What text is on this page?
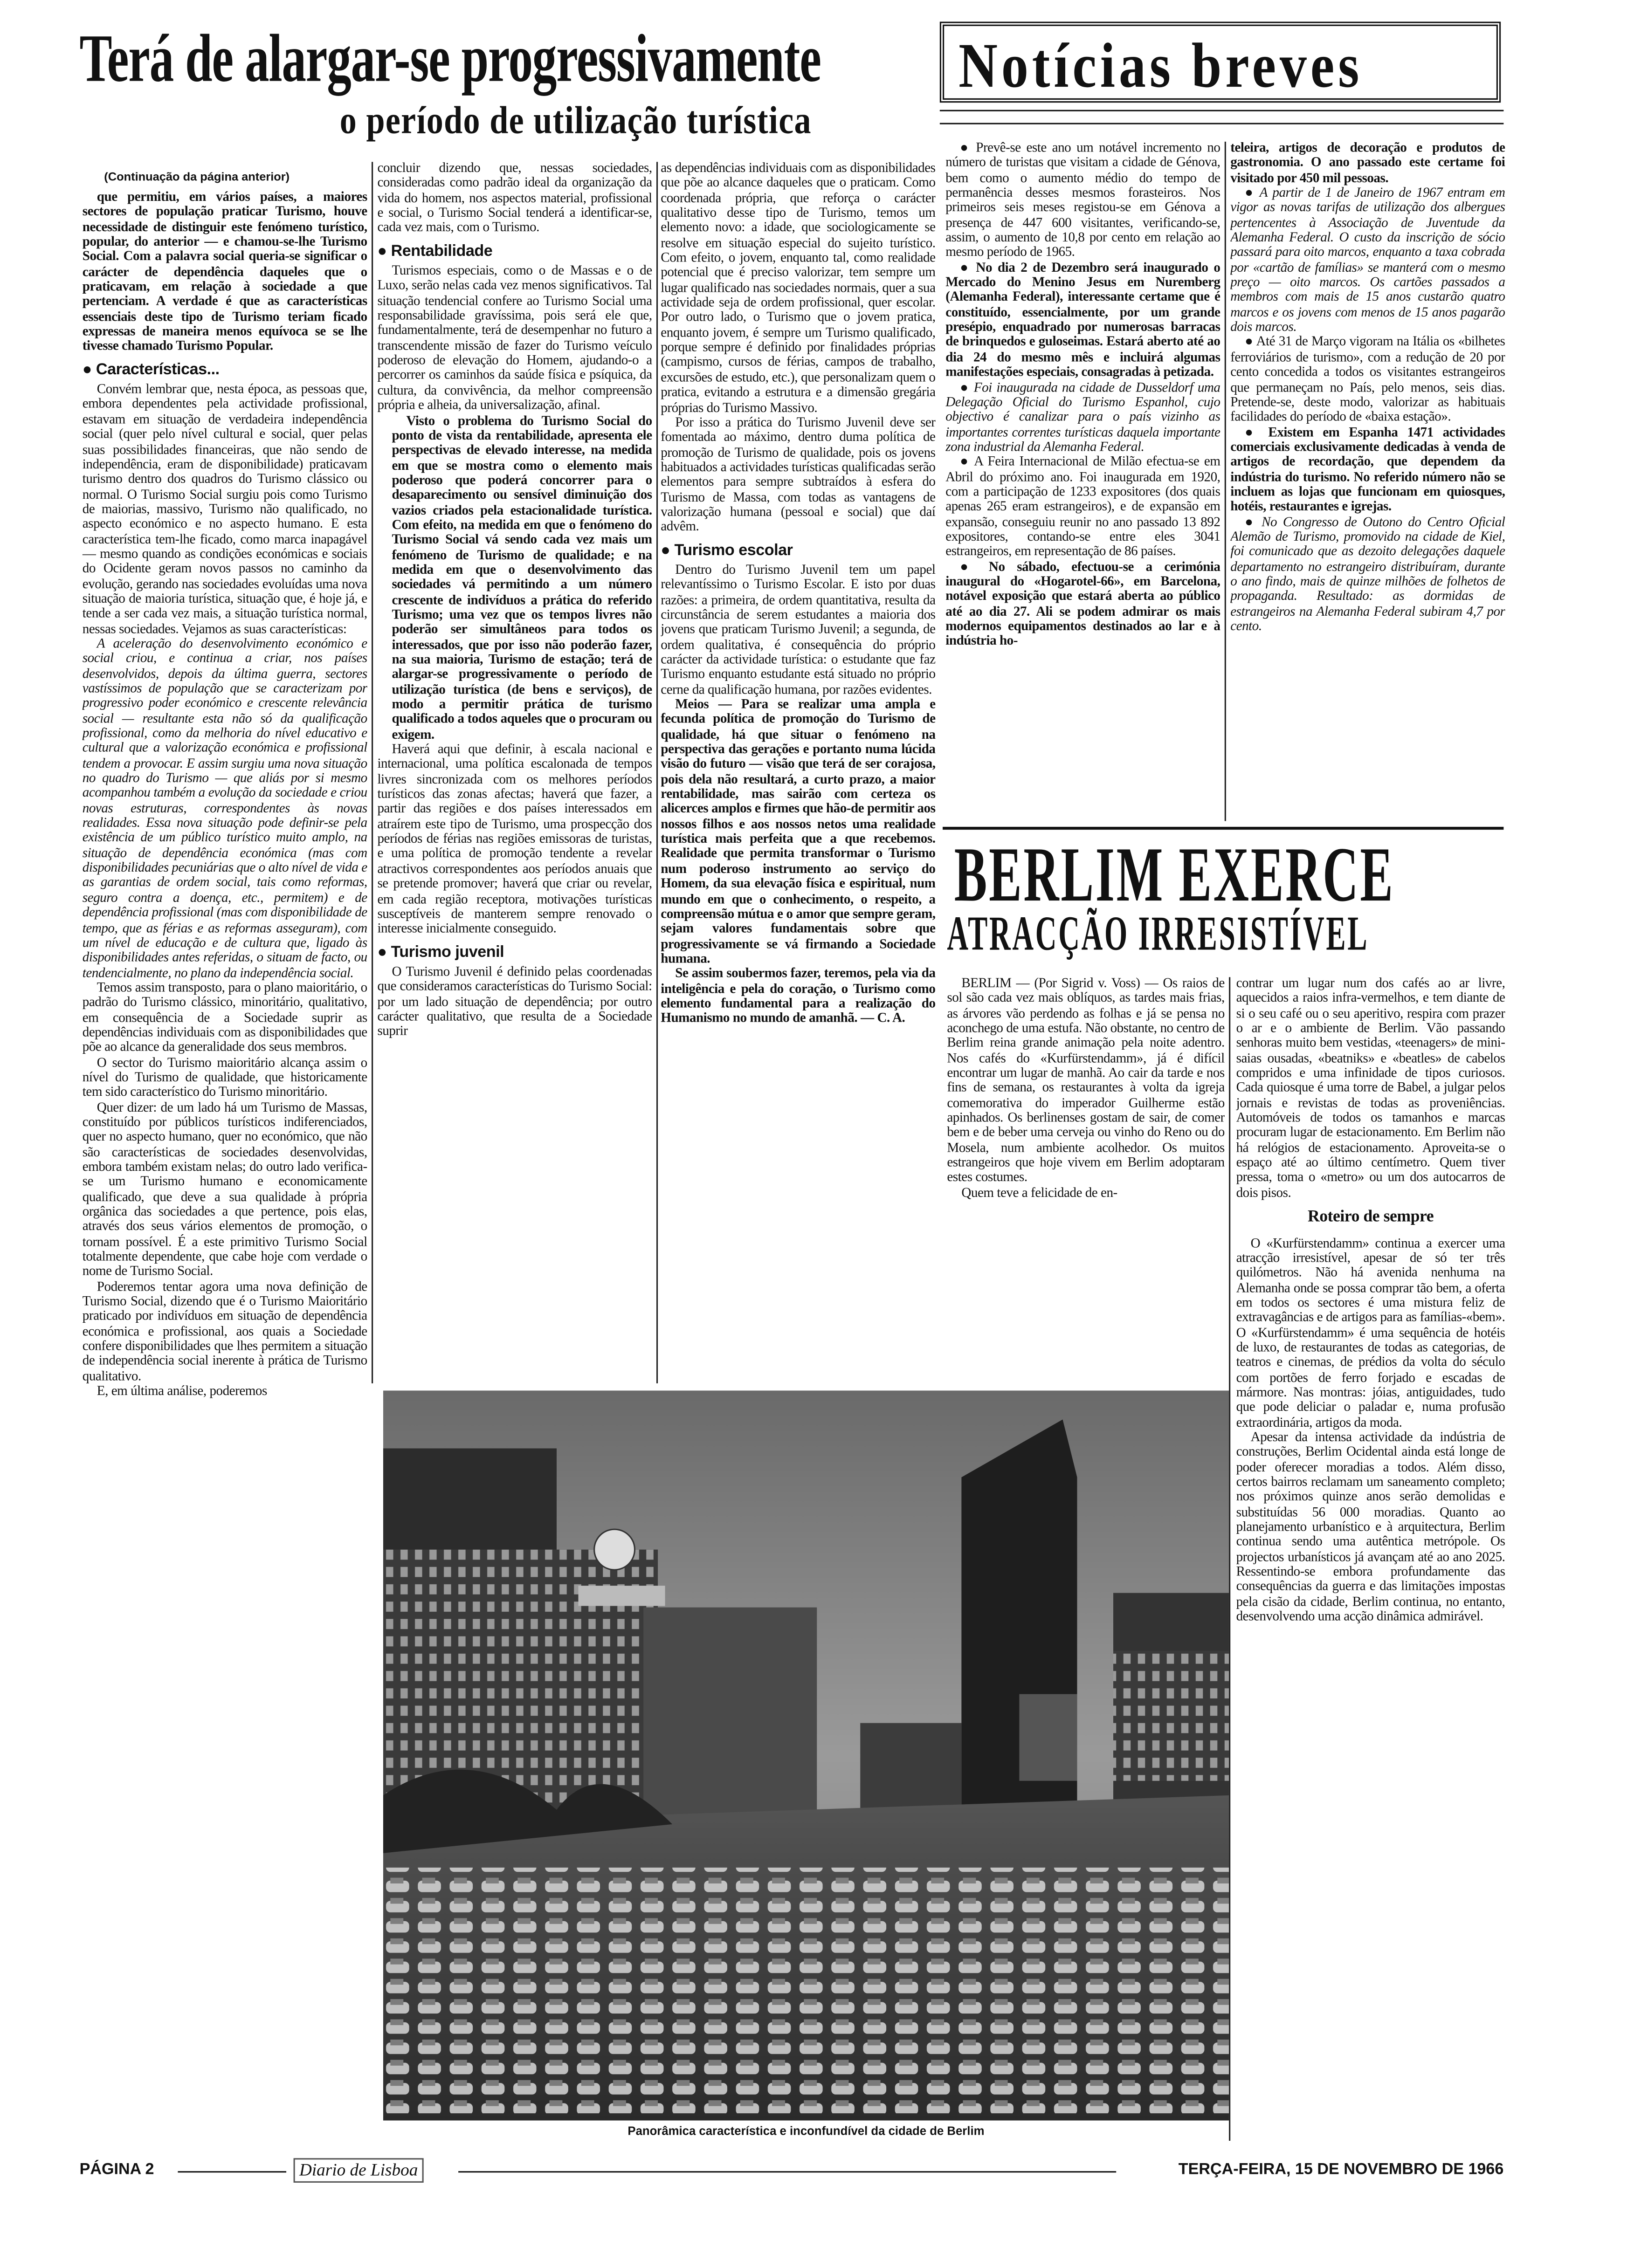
Terá de alargar-se progressivamente
o período de utilização turística
(Continuação da página anterior)

que permitiu, em vários países, a maiores sectores de população praticar Turismo, houve necessidade de distinguir este fenómeno turístico, popular, do anterior — e chamou-se-lhe Turismo Social. Com a palavra social queria-se significar o carácter de dependência daqueles que o praticavam, em relação à sociedade a que pertenciam. A verdade é que as características essenciais deste tipo de Turismo teriam ficado expressas de maneira menos equívoca se se lhe tivesse chamado Turismo Popular.

● Características...

Convém lembrar que, nesta época, as pessoas que, embora dependentes pela actividade profissional, estavam em situação de verdadeira independência social (quer pelo nível cultural e social, quer pelas suas possibilidades financeiras, que não sendo de independência, eram de disponibilidade) praticavam turismo dentro dos quadros do Turismo clássico ou normal. O Turismo Social surgiu pois como Turismo de maiorias, massivo, Turismo não qualificado, no aspecto económico e no aspecto humano. E esta característica tem-lhe ficado, como marca inapagável — mesmo quando as condições económicas e sociais do Ocidente geram novos passos no caminho da evolução, gerando nas sociedades evoluídas uma nova situação de maioria turística, situação que, é hoje já, e tende a ser cada vez mais, a situação turística normal, nessas sociedades. Vejamos as suas características:

A aceleração do desenvolvimento económico e social criou, e continua a criar, nos países desenvolvidos, depois da última guerra, sectores vastíssimos de população que se caracterizam por progressivo poder económico e crescente relevância social — resultante esta não só da qualificação profissional, como da melhoria do nível educativo e cultural que a valorização económica e profissional tendem a provocar. E assim surgiu uma nova situação no quadro do Turismo — que aliás por si mesmo acompanhou também a evolução da sociedade e criou novas estruturas, correspondentes às novas realidades. Essa nova situação pode definir-se pela existência de um público turístico muito amplo, na situação de dependência económica (mas com disponibilidades pecuniárias que o alto nível de vida e as garantias de ordem social, tais como reformas, seguro contra a doença, etc., permitem) e de dependência profissional (mas com disponibilidade de tempo, que as férias e as reformas asseguram), com um nível de educação e de cultura que, ligado às disponibilidades antes referidas, o situam de facto, ou tendencialmente, no plano da independência social.

Temos assim transposto, para o plano maioritário, o padrão do Turismo clássico, minoritário, qualitativo, em consequência de a Sociedade suprir as dependências individuais com as disponibilidades que põe ao alcance da generalidade dos seus membros.

O sector do Turismo maioritário alcança assim o nível do Turismo de qualidade, que historicamente tem sido característico do Turismo minoritário.

Quer dizer: de um lado há um Turismo de Massas, constituído por públicos turísticos indiferenciados, quer no aspecto humano, quer no económico, que não são características de sociedades desenvolvidas, embora também existam nelas; do outro lado verifica-se um Turismo humano e economicamente qualificado, que deve a sua qualidade à própria orgânica das sociedades a que pertence, pois elas, através dos seus vários elementos de promoção, o tornam possível. É a este primitivo Turismo Social totalmente dependente, que cabe hoje com verdade o nome de Turismo Social.

Poderemos tentar agora uma nova definição de Turismo Social, dizendo que é o Turismo Maioritário praticado por indivíduos em situação de dependência económica e profissional, aos quais a Sociedade confere disponibilidades que lhes permitem a situação de independência social inerente à prática de Turismo qualitativo.

E, em última análise, poderemos

concluir dizendo que, nessas sociedades, consideradas como padrão ideal da organização da vida do homem, nos aspectos material, profissional e social, o Turismo Social tenderá a identificar-se, cada vez mais, com o Turismo.

● Rentabilidade

Turismos especiais, como o de Massas e o de Luxo, serão nelas cada vez menos significativos. Tal situação tendencial confere ao Turismo Social uma responsabilidade gravíssima, pois será ele que, fundamentalmente, terá de desempenhar no futuro a transcendente missão de fazer do Turismo veículo poderoso de elevação do Homem, ajudando-o a percorrer os caminhos da saúde física e psíquica, da cultura, da convivência, da melhor compreensão própria e alheia, da universalização, afinal.

Visto o problema do Turismo Social do ponto de vista da rentabilidade, apresenta ele perspectivas de elevado interesse, na medida em que se mostra como o elemento mais poderoso que poderá concorrer para o desaparecimento ou sensível diminuição dos vazios criados pela estacionalidade turística. Com efeito, na medida em que o fenómeno do Turismo Social vá sendo cada vez mais um fenómeno de Turismo de qualidade; e na medida em que o desenvolvimento das sociedades vá permitindo a um número crescente de indivíduos a prática do referido Turismo; uma vez que os tempos livres não poderão ser simultâneos para todos os interessados, que por isso não poderão fazer, na sua maioria, Turismo de estação; terá de alargar-se progressivamente o período de utilização turística (de bens e serviços), de modo a permitir prática de turismo qualificado a todos aqueles que o procuram ou exigem.

Haverá aqui que definir, à escala nacional e internacional, uma política escalonada de tempos livres sincronizada com os melhores períodos turísticos das zonas afectas; haverá que fazer, a partir das regiões e dos países interessados em atraírem este tipo de Turismo, uma prospecção dos períodos de férias nas regiões emissoras de turistas, e uma política de promoção tendente a revelar atractivos correspondentes aos períodos anuais que se pretende promover; haverá que criar ou revelar, em cada região receptora, motivações turísticas susceptíveis de manterem sempre renovado o interesse inicialmente conseguido.

● Turismo juvenil

O Turismo Juvenil é definido pelas coordenadas que consideramos características do Turismo Social: por um lado situação de dependência; por outro carácter qualitativo, que resulta de a Sociedade suprir

as dependências individuais com as disponibilidades que põe ao alcance daqueles que o praticam. Como coordenada própria, que reforça o carácter qualitativo desse tipo de Turismo, temos um elemento novo: a idade, que sociologicamente se resolve em situação especial do sujeito turístico. Com efeito, o jovem, enquanto tal, como realidade potencial que é preciso valorizar, tem sempre um lugar qualificado nas sociedades normais, quer a sua actividade seja de ordem profissional, quer escolar. Por outro lado, o Turismo que o jovem pratica, enquanto jovem, é sempre um Turismo qualificado, porque sempre é definido por finalidades próprias (campismo, cursos de férias, campos de trabalho, excursões de estudo, etc.), que personalizam quem o pratica, evitando a estrutura e a dimensão gregária próprias do Turismo Massivo.

Por isso a prática do Turismo Juvenil deve ser fomentada ao máximo, dentro duma política de promoção de Turismo de qualidade, pois os jovens habituados a actividades turísticas qualificadas serão elementos para sempre subtraídos à esfera do Turismo de Massa, com todas as vantagens de valorização humana (pessoal e social) que daí advêm.

● Turismo escolar

Dentro do Turismo Juvenil tem um papel relevantíssimo o Turismo Escolar. E isto por duas razões: a primeira, de ordem quantitativa, resulta da circunstância de serem estudantes a maioria dos jovens que praticam Turismo Juvenil; a segunda, de ordem qualitativa, é consequência do próprio carácter da actividade turística: o estudante que faz Turismo enquanto estudante está situado no próprio cerne da qualificação humana, por razões evidentes.

Meios — Para se realizar uma ampla e fecunda política de promoção do Turismo de qualidade, há que situar o fenómeno na perspectiva das gerações e portanto numa lúcida visão do futuro — visão que terá de ser corajosa, pois dela não resultará, a curto prazo, a maior rentabilidade, mas sairão com certeza os alicerces amplos e firmes que hão-de permitir aos nossos filhos e aos nossos netos uma realidade turística mais perfeita que a que recebemos. Realidade que permita transformar o Turismo num poderoso instrumento ao serviço do Homem, da sua elevação física e espiritual, num mundo em que o conhecimento, o respeito, a compreensão mútua e o amor que sempre geram, sejam valores fundamentais sobre que progressivamente se vá firmando a Sociedade humana.

Se assim soubermos fazer, teremos, pela via da inteligência e pela do coração, o Turismo como elemento fundamental para a realização do Humanismo no mundo de amanhã. — C. A.

Notícias breves

● Prevê-se este ano um notável incremento no número de turistas que visitam a cidade de Génova, bem como o aumento médio do tempo de permanência desses mesmos forasteiros. Nos primeiros seis meses registou-se em Génova a presença de 447 600 visitantes, verificando-se, assim, o aumento de 10,8 por cento em relação ao mesmo período de 1965.

● No dia 2 de Dezembro será inaugurado o Mercado do Menino Jesus em Nuremberg (Alemanha Federal), interessante certame que é constituído, essencialmente, por um grande presépio, enquadrado por numerosas barracas de brinquedos e guloseimas. Estará aberto até ao dia 24 do mesmo mês e incluirá algumas manifestações especiais, consagradas à petizada.

● Foi inaugurada na cidade de Dusseldorf uma Delegação Oficial do Turismo Espanhol, cujo objectivo é canalizar para o país vizinho as importantes correntes turísticas daquela importante zona industrial da Alemanha Federal.

● A Feira Internacional de Milão efectua-se em Abril do próximo ano. Foi inaugurada em 1920, com a participação de 1233 expositores (dos quais apenas 265 eram estrangeiros), e de expansão em expansão, conseguiu reunir no ano passado 13 892 expositores, contando-se entre eles 3041 estrangeiros, em representação de 86 países.

● No sábado, efectuou-se a cerimónia inaugural do «Hogarotel-66», em Barcelona, notável exposição que estará aberta ao público até ao dia 27. Ali se podem admirar os mais modernos equipamentos destinados ao lar e à indústria ho-

teleira, artigos de decoração e produtos de gastronomia. O ano passado este certame foi visitado por 450 mil pessoas.

● A partir de 1 de Janeiro de 1967 entram em vigor as novas tarifas de utilização dos albergues pertencentes à Associação de Juventude da Alemanha Federal. O custo da inscrição de sócio passará para oito marcos, enquanto a taxa cobrada por «cartão de famílias» se manterá com o mesmo preço — oito marcos. Os cartões passados a membros com mais de 15 anos custarão quatro marcos e os jovens com menos de 15 anos pagarão dois marcos.

● Até 31 de Março vigoram na Itália os «bilhetes ferroviários de turismo», com a redução de 20 por cento concedida a todos os visitantes estrangeiros que permaneçam no País, pelo menos, seis dias. Pretende-se, deste modo, valorizar as habituais facilidades do período de «baixa estação».

● Existem em Espanha 1471 actividades comerciais exclusivamente dedicadas à venda de artigos de recordação, que dependem da indústria do turismo. No referido número não se incluem as lojas que funcionam em quiosques, hotéis, restaurantes e igrejas.

● No Congresso de Outono do Centro Oficial Alemão de Turismo, promovido na cidade de Kiel, foi comunicado que as dezoito delegações daquele departamento no estrangeiro distribuíram, durante o ano findo, mais de quinze milhões de folhetos de propaganda. Resultado: as dormidas de estrangeiros na Alemanha Federal subiram 4,7 por cento.

BERLIM EXERCE
ATRACÇÃO IRRESISTÍVEL

BERLIM — (Por Sigrid v. Voss) — Os raios de sol são cada vez mais oblíquos, as tardes mais frias, as árvores vão perdendo as folhas e já se pensa no aconchego de uma estufa. Não obstante, no centro de Berlim reina grande animação pela noite adentro. Nos cafés do «Kurfürstendamm», já é difícil encontrar um lugar de manhã. Ao cair da tarde e nos fins de semana, os restaurantes à volta da igreja comemorativa do imperador Guilherme estão apinhados. Os berlinenses gostam de sair, de comer bem e de beber uma cerveja ou vinho do Reno ou do Mosela, num ambiente acolhedor. Os muitos estrangeiros que hoje vivem em Berlim adoptaram estes costumes.

Quem teve a felicidade de en-

contrar um lugar num dos cafés ao ar livre, aquecidos a raios infra-vermelhos, e tem diante de si o seu café ou o seu aperitivo, respira com prazer o ar e o ambiente de Berlim. Vão passando senhoras muito bem vestidas, «teenagers» de mini-saias ousadas, «beatniks» e «beatles» de cabelos compridos e uma infinidade de tipos curiosos. Cada quiosque é uma torre de Babel, a julgar pelos jornais e revistas de todas as proveniências. Automóveis de todos os tamanhos e marcas procuram lugar de estacionamento. Em Berlim não há relógios de estacionamento. Aproveita-se o espaço até ao último centímetro. Quem tiver pressa, toma o «metro» ou um dos autocarros de dois pisos.

Roteiro de sempre

O «Kurfürstendamm» continua a exercer uma atracção irresistível, apesar de só ter três quilómetros. Não há avenida nenhuma na Alemanha onde se possa comprar tão bem, a oferta em todos os sectores é uma mistura feliz de extravagâncias e de artigos para as famílias-«bem». O «Kurfürstendamm» é uma sequência de hotéis de luxo, de restaurantes de todas as categorias, de teatros e cinemas, de prédios da volta do século com portões de ferro forjado e escadas de mármore. Nas montras: jóias, antiguidades, tudo que pode deliciar o paladar e, numa profusão extraordinária, artigos da moda.

Apesar da intensa actividade da indústria de construções, Berlim Ocidental ainda está longe de poder oferecer moradias a todos. Além disso, certos bairros reclamam um saneamento completo; nos próximos quinze anos serão demolidas e substituídas 56 000 moradias. Quanto ao planejamento urbanístico e à arquitectura, Berlim continua sendo uma autêntica metrópole. Os projectos urbanísticos já avançam até ao ano 2025. Ressentindo-se embora profundamente das consequências da guerra e das limitações impostas pela cisão da cidade, Berlim continua, no entanto, desenvolvendo uma acção dinâmica admirável.

Panorâmica característica e inconfundível da cidade de Berlim
PÁGINA 2	Diario de Lisboa	TERÇA-FEIRA, 15 DE NOVEMBRO DE 1966
